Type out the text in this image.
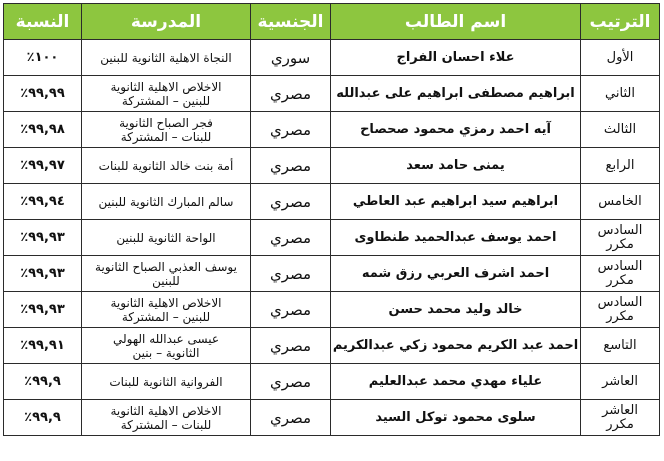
الترتيب	اسم الطالب	الجنسية	المدرسة	النسبة

الأول	علاء احسان الفراج	سوري	النجاة الاهلية الثانوية للبنين	١٠٠٪

الثاني	ابراهيم مصطفى ابراهيم على عبدالله	مصري	الاخلاص الاهلية الثانوية
للبنين – المشتركة	٩٩,٩٩٪

الثالث	آيه احمد رمزي محمود صحصاح	مصري	فجر الصباح الثانوية
للبنات – المشتركة	٩٩,٩٨٪

الرابع	يمنى حامد سعد	مصري	أمة بنت خالد الثانوية للبنات	٩٩,٩٧٪

الخامس	ابراهيم سيد ابراهيم عبد العاطي	مصري	سالم المبارك الثانوية للبنين	٩٩,٩٤٪

السادس
مكرر	احمد يوسف عبدالحميد طنطاوى	مصري	الواحة الثانوية للبنين	٩٩,٩٣٪

السادس
مكرر	احمد اشرف العربي رزق شمه	مصري	يوسف العذبي الصباح الثانوية
للبنين	٩٩,٩٣٪

السادس
مكرر	خالد وليد محمد حسن	مصري	الاخلاص الاهلية الثانوية
للبنين – المشتركة	٩٩,٩٣٪

التاسع	احمد عبد الكريم محمود زكي عبدالكريم	مصري	عيسى عبدالله الهولي
الثانوية – بنين	٩٩,٩١٪

العاشر	علياء مهدي محمد عبدالعليم	مصري	الفروانية الثانوية للبنات	٩٩,٩٪

العاشر
مكرر	سلوى محمود توكل السيد	مصري	الاخلاص الاهلية الثانوية
للبنات – المشتركة	٩٩,٩٪
